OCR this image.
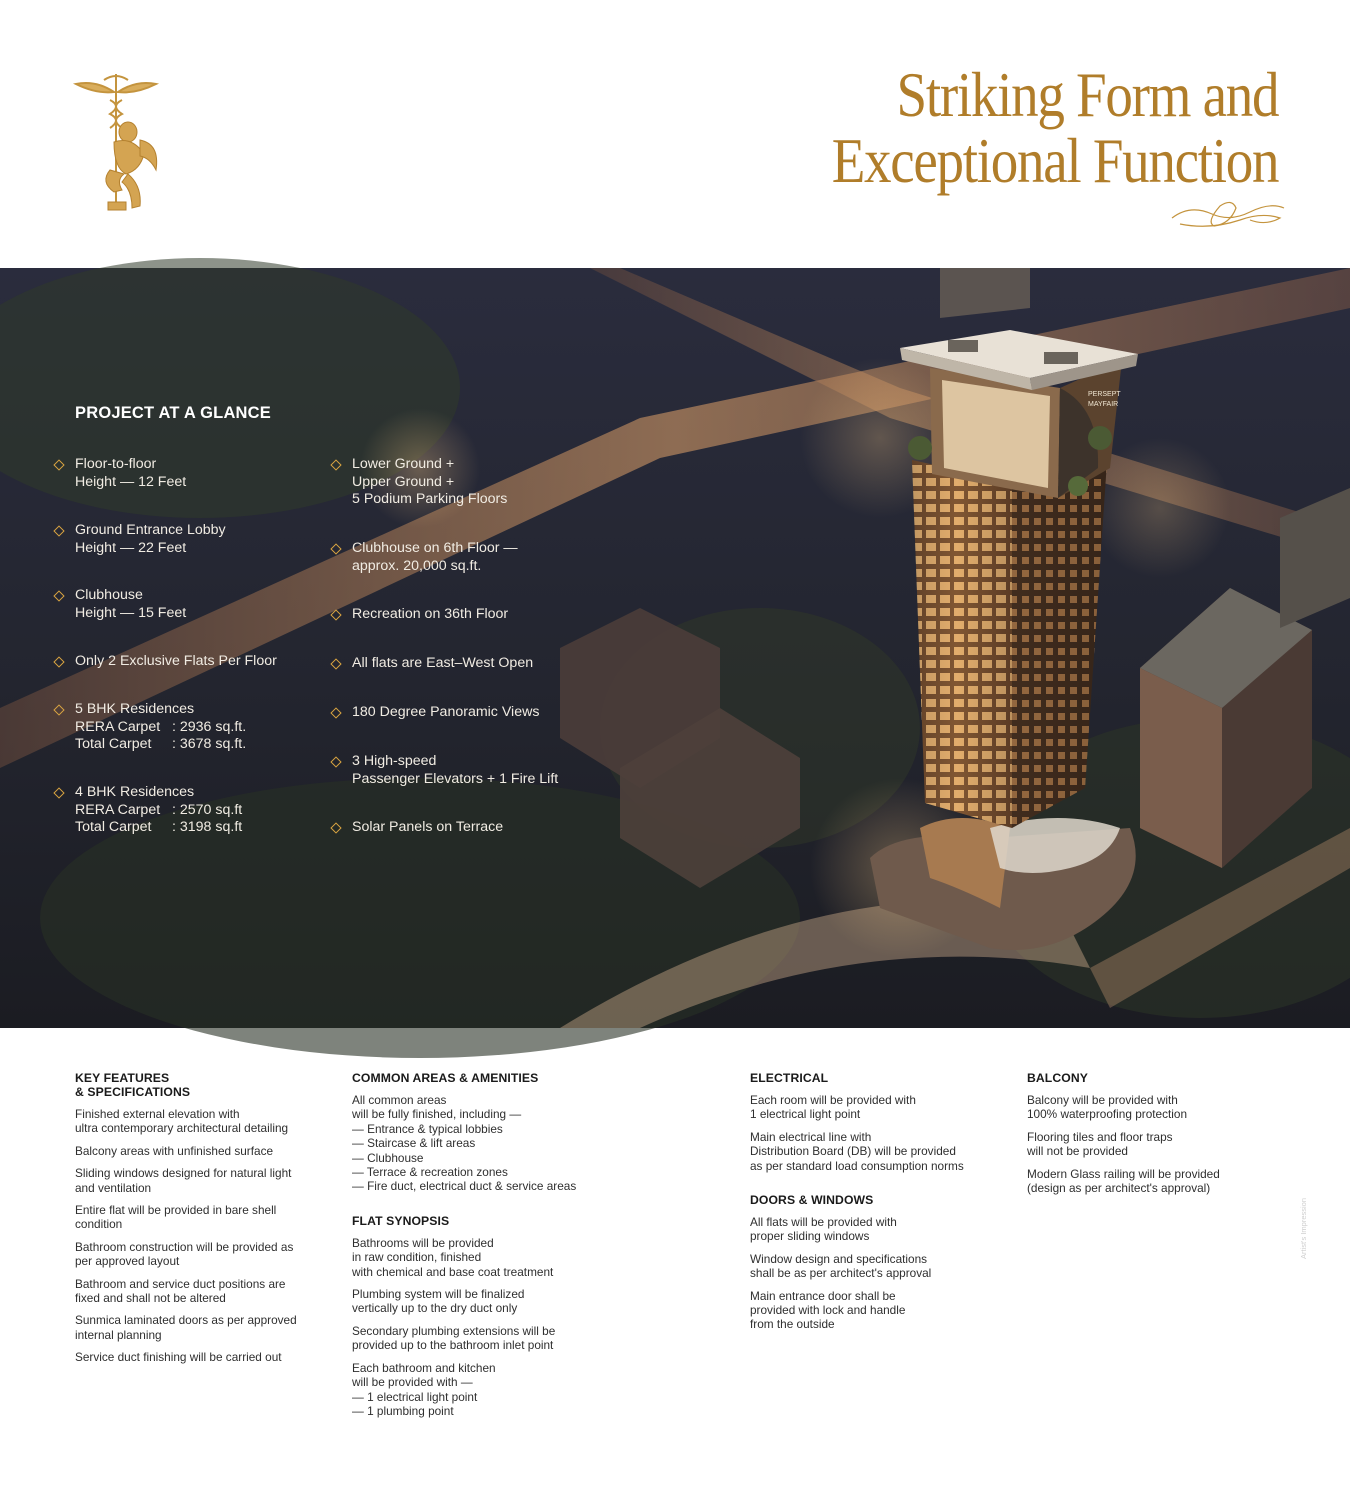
Striking Form and
Exceptional Function
PERSEPT
MAYFAIR
Artist's Impression
PROJECT AT A GLANCE
Floor-to-floor
Height — 12 Feet
Ground Entrance Lobby
Height — 22 Feet
Clubhouse
Height — 15 Feet
Only 2 Exclusive Flats Per Floor
5 BHK Residences
RERA Carpet : 2936 sq.ft.
Total Carpet : 3678 sq.ft.
4 BHK Residences
RERA Carpet : 2570 sq.ft
Total Carpet : 3198 sq.ft
Lower Ground +
Upper Ground +
5 Podium Parking Floors
Clubhouse on 6th Floor —
approx. 20,000 sq.ft.
Recreation on 36th Floor
All flats are East–West Open
180 Degree Panoramic Views
3 High-speed
Passenger Elevators + 1 Fire Lift
Solar Panels on Terrace
KEY FEATURES
& SPECIFICATIONS
Finished external elevation with
ultra contemporary architectural detailing
Balcony areas with unfinished surface
Sliding windows designed for natural light
and ventilation
Entire flat will be provided in bare shell
condition
Bathroom construction will be provided as
per approved layout
Bathroom and service duct positions are
fixed and shall not be altered
Sunmica laminated doors as per approved
internal planning
Service duct finishing will be carried out
COMMON AREAS & AMENITIES
All common areas
will be fully finished, including —
— Entrance & typical lobbies
— Staircase & lift areas
— Clubhouse
— Terrace & recreation zones
— Fire duct, electrical duct & service areas
FLAT SYNOPSIS
Bathrooms will be provided
in raw condition, finished
with chemical and base coat treatment
Plumbing system will be finalized
vertically up to the dry duct only
Secondary plumbing extensions will be
provided up to the bathroom inlet point
Each bathroom and kitchen
will be provided with —
— 1 electrical light point
— 1 plumbing point
ELECTRICAL
Each room will be provided with
1 electrical light point
Main electrical line with
Distribution Board (DB) will be provided
as per standard load consumption norms
DOORS & WINDOWS
All flats will be provided with
proper sliding windows
Window design and specifications
shall be as per architect's approval
Main entrance door shall be
provided with lock and handle
from the outside
BALCONY
Balcony will be provided with
100% waterproofing protection
Flooring tiles and floor traps
will not be provided
Modern Glass railing will be provided
(design as per architect's approval)
